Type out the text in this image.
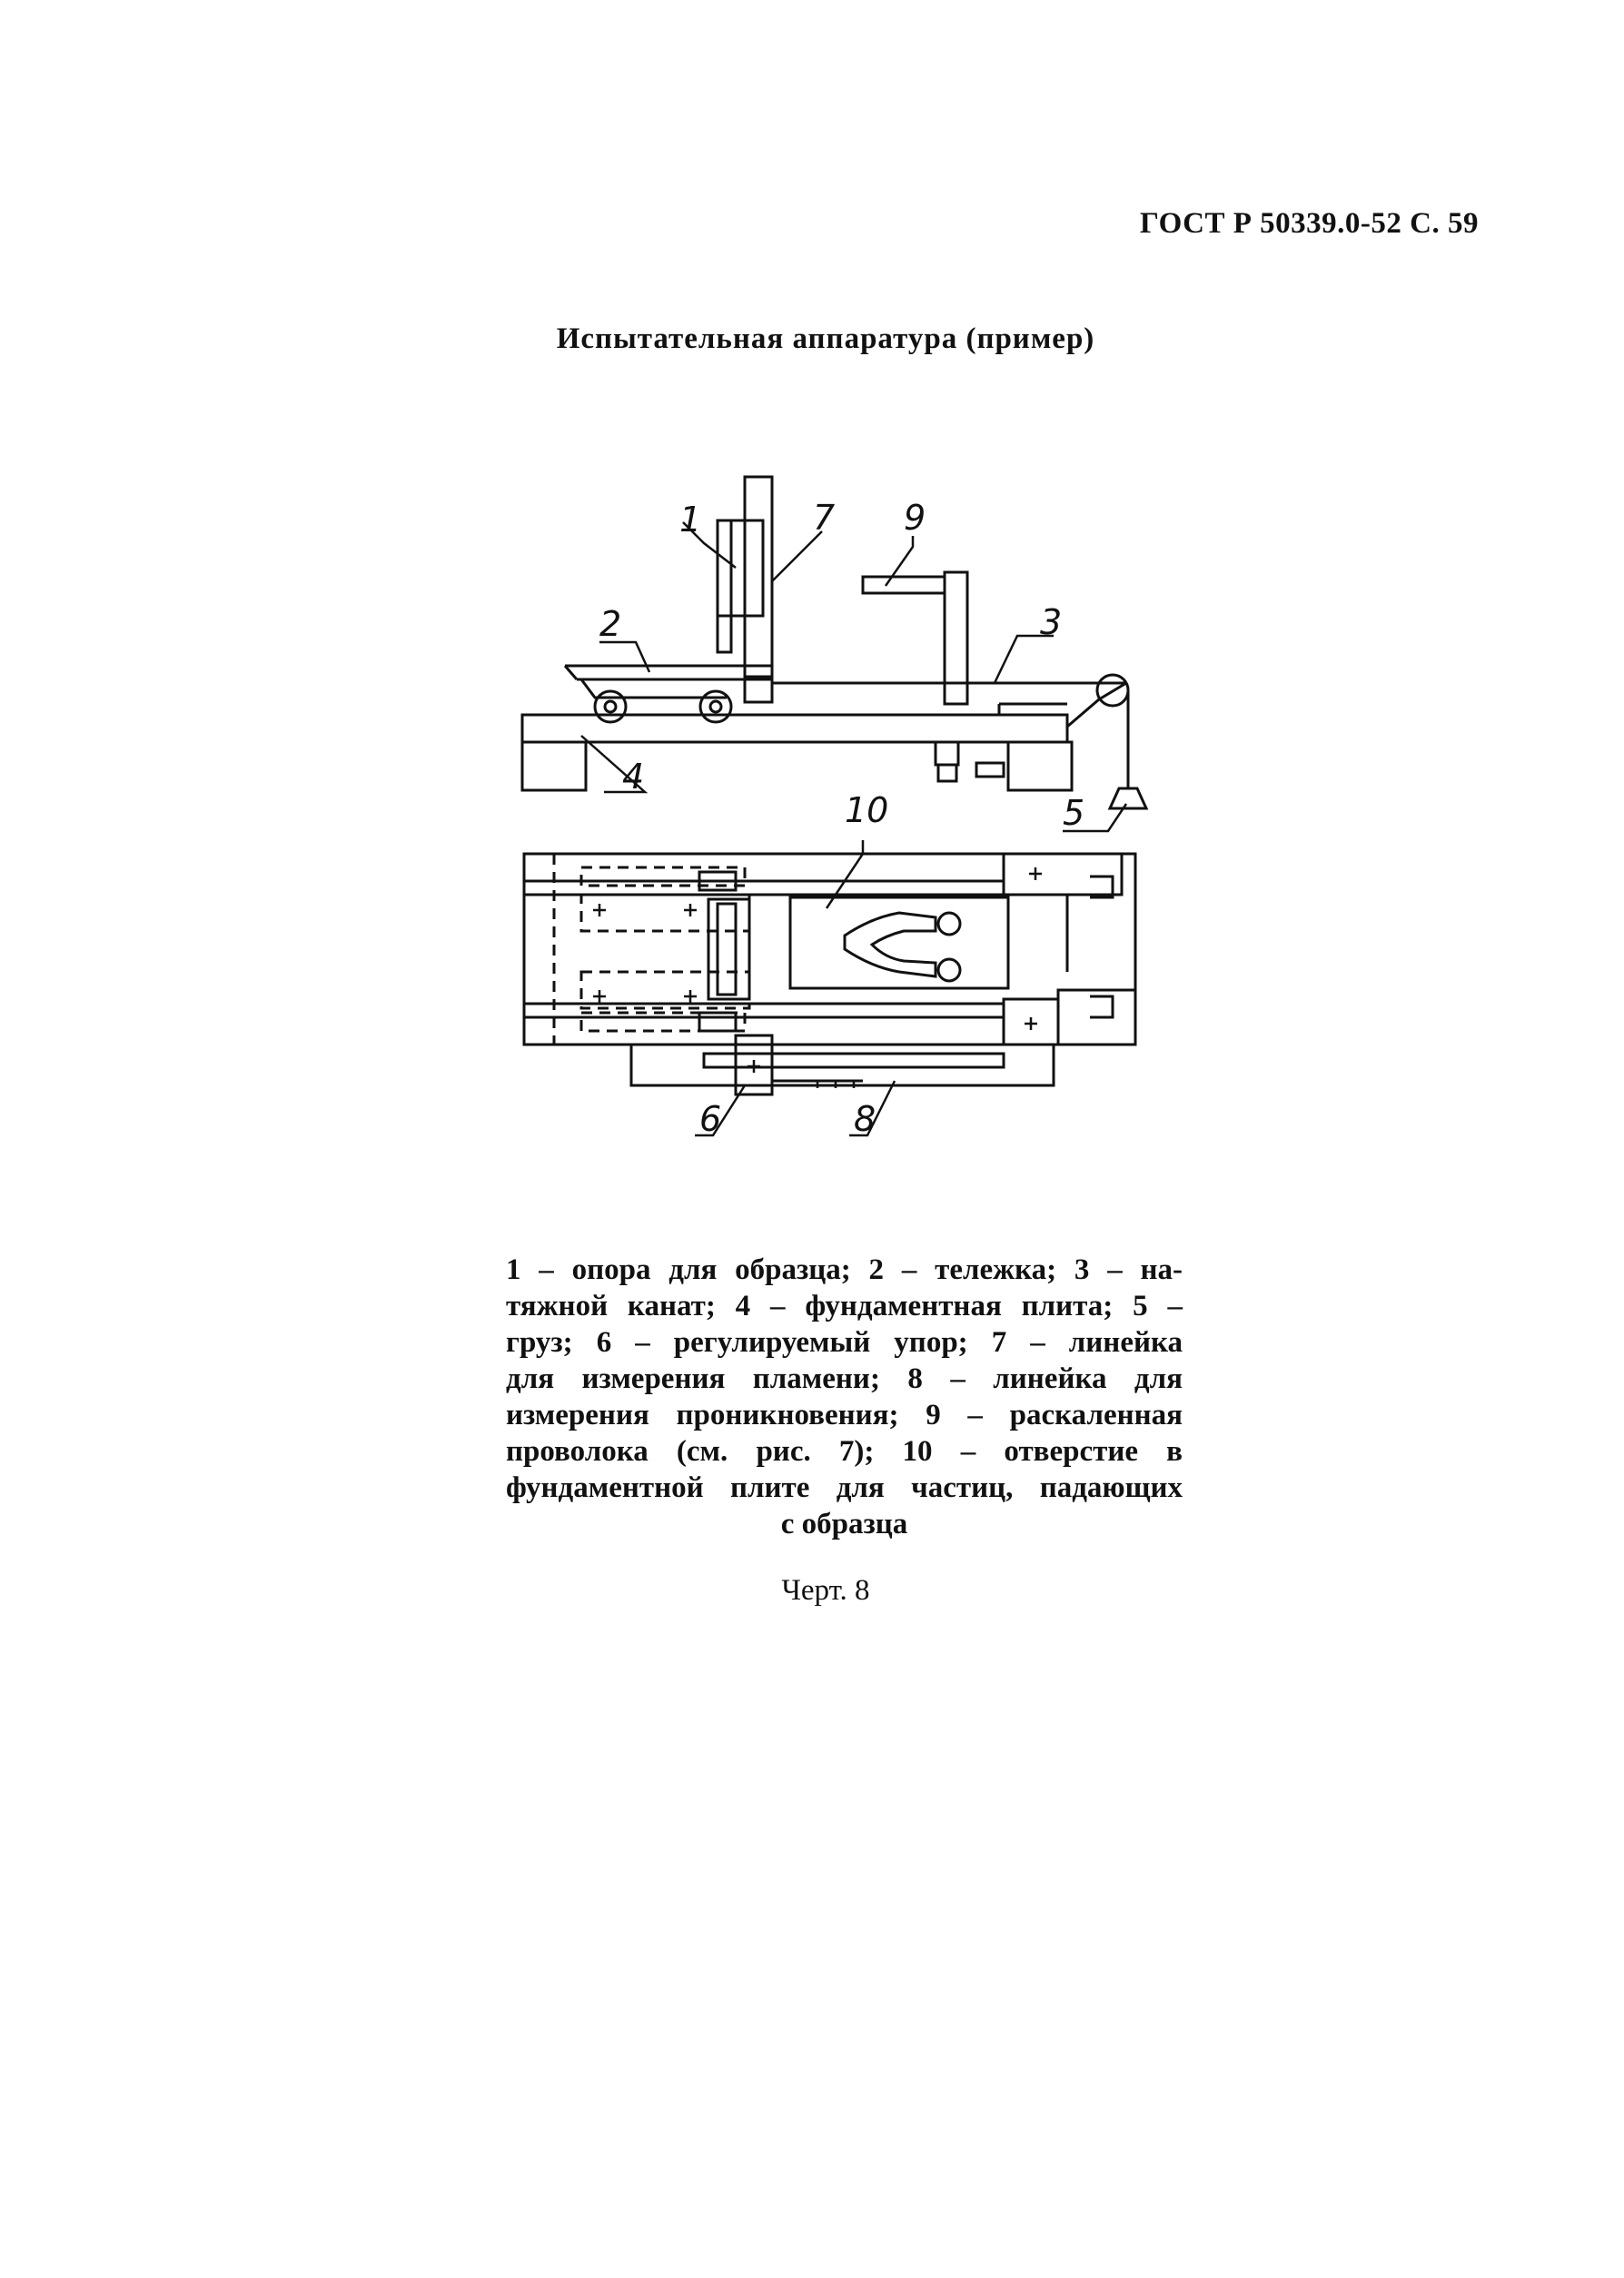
ГОСТ Р 50339.0-52 С. 59
Испытательная аппаратура (пример)
1	7 9
2	3
4
5
10
6	8
1 – опора для образца; 2 – тележка; 3 – на-
тяжной канат; 4 – фундаментная плита; 5 –
груз; 6 – регулируемый упор; 7 – линейка
для измерения пламени; 8 – линейка для
измерения проникновения; 9 – раскаленная
проволока (см. рис. 7); 10 – отверстие в
фундаментной плите для частиц, падающих
с образца
Черт. 8
